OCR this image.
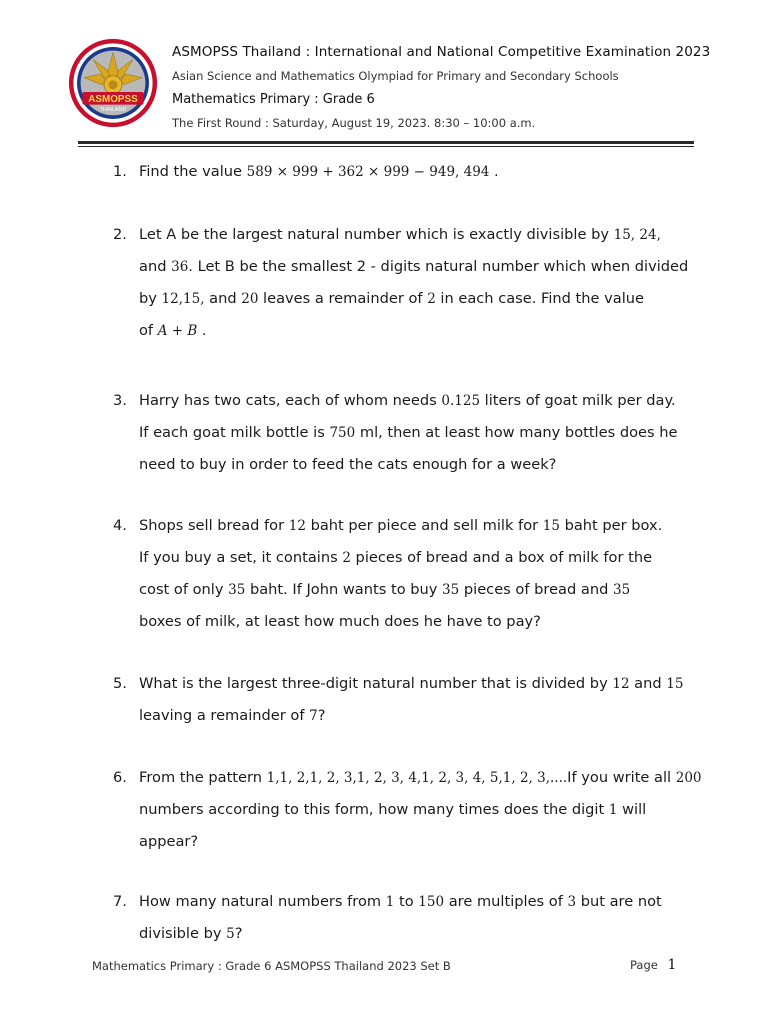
ASMOPSS
THAILAND
ASMOPSS Thailand : International and National Competitive Examination 2023
Asian Science and Mathematics Olympiad for Primary and Secondary Schools
Mathematics Primary : Grade 6
The First Round : Saturday, August 19, 2023. 8:30 – 10:00 a.m.
1. Find the value 589 × 999 + 362 × 999 − 949, 494 .
2. Let A be the largest natural number which is exactly divisible by 15, 24,
and 36. Let B be the smallest 2 - digits natural number which when divided
by 12,15, and 20 leaves a remainder of 2 in each case. Find the value
of A + B .
3. Harry has two cats, each of whom needs 0.125 liters of goat milk per day.
If each goat milk bottle is 750 ml, then at least how many bottles does he
need to buy in order to feed the cats enough for a week?
4. Shops sell bread for 12 baht per piece and sell milk for 15 baht per box.
If you buy a set, it contains 2 pieces of bread and a box of milk for the
cost of only 35 baht. If John wants to buy 35 pieces of bread and 35
boxes of milk, at least how much does he have to pay?
5. What is the largest three-digit natural number that is divided by 12 and 15
leaving a remainder of 7?
6. From the pattern 1,1, 2,1, 2, 3,1, 2, 3, 4,1, 2, 3, 4, 5,1, 2, 3,....If you write all 200
numbers according to this form, how many times does the digit 1 will
appear?
7. How many natural numbers from 1 to 150 are multiples of 3 but are not
divisible by 5?
Mathematics Primary : Grade 6 ASMOPSS Thailand 2023 Set B	Page 1
